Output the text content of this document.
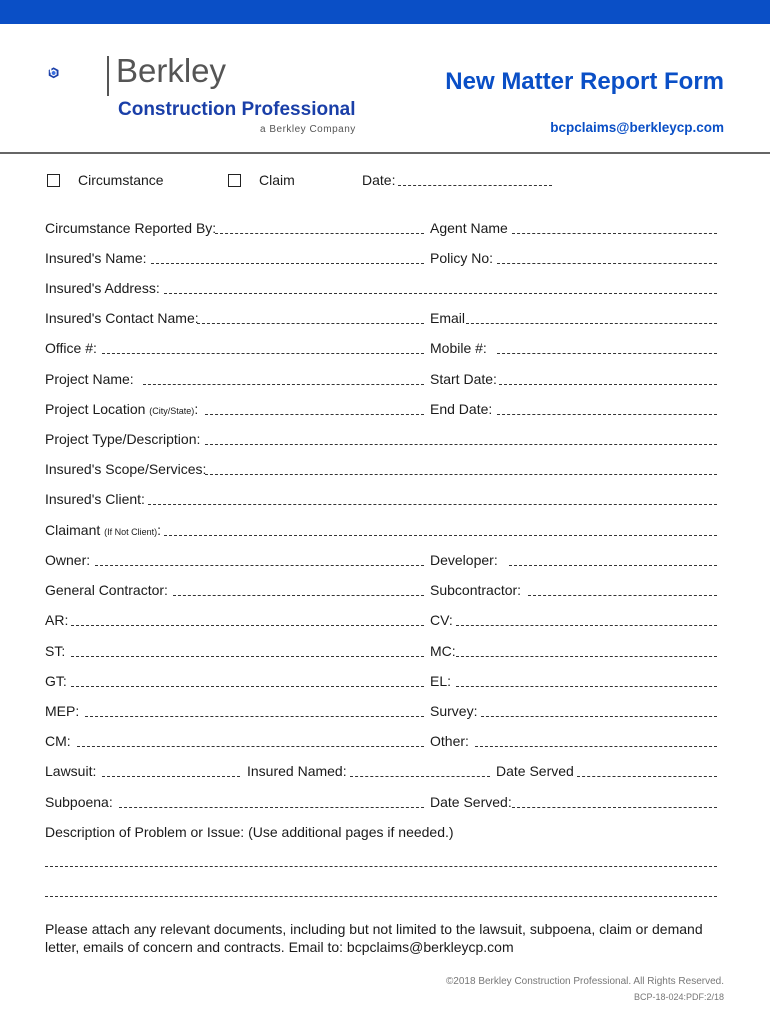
Berkley
Construction Professional
a Berkley Company
New Matter Report Form
bcpclaims@berkleycp.com
Circumstance	Claim	Date:
Circumstance Reported By:	Agent Name
Insured's Name:	Policy No:
Insured's Address:
Insured's Contact Name:	Email
Office #:	Mobile #:
Project Name:	Start Date:
Project Location (City/State):	End Date:
Project Type/Description:
Insured's Scope/Services:
Insured's Client:
Claimant (If Not Client):
Owner:	Developer:
General Contractor:	Subcontractor:
AR:	CV:
ST:	MC:
GT:	EL:
MEP:	Survey:
CM:	Other:
Lawsuit:	Insured Named:	Date Served
Subpoena:	Date Served:
Description of Problem or Issue: (Use additional pages if needed.)
Please attach any relevant documents, including but not limited to the lawsuit, subpoena, claim or demand letter, emails of concern and contracts. Email to: bcpclaims@berkleycp.com
©2018 Berkley Construction Professional. All Rights Reserved.
BCP-18-024:PDF:2/18
